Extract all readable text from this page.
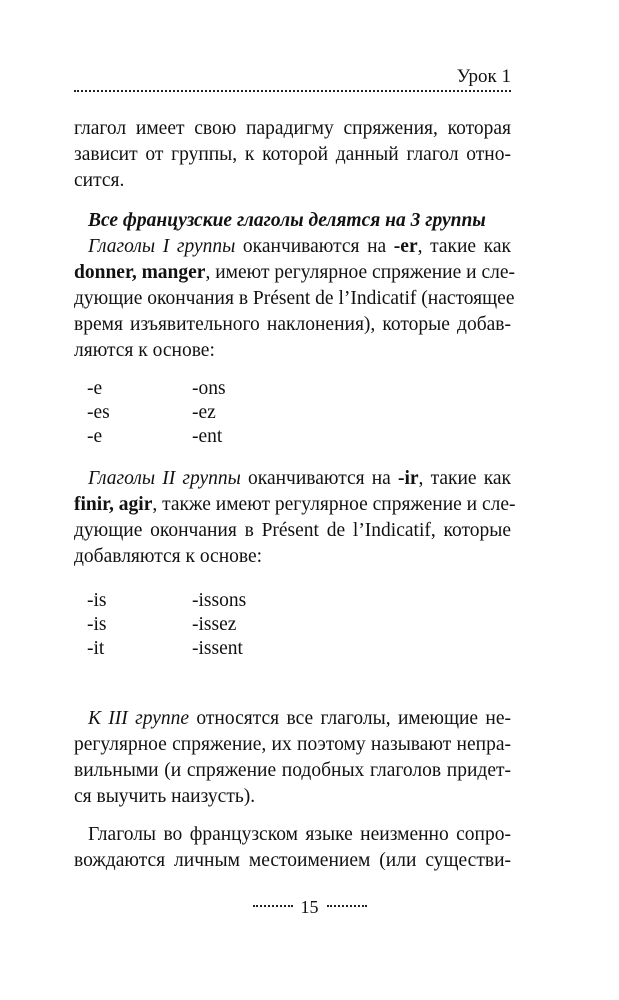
Урок 1
глагол имеет свою парадигму спряжения, которая
зависит от группы, к которой данный глагол отно-
сится.
Все французские глаголы делятся на 3 группы
Глаголы I группы оканчиваются на -er, такие как
donner, manger, имеют регулярное спряжение и сле-
дующие окончания в Présent de l’Indicatif (настоящее
время изъявительного наклонения), которые добав-
ляются к основе:
-e	-ons
-es	-ez
-e	-ent
Глаголы II группы оканчиваются на -ir, такие как
finir, agir, также имеют регулярное спряжение и сле-
дующие окончания в Présent de l’Indicatif, которые
добавляются к основе:
-is	-issons
-is	-issez
-it	-issent
К III группе относятся все глаголы, имеющие не-
регулярное спряжение, их поэтому называют непра-
вильными (и спряжение подобных глаголов придет-
ся выучить наизусть).
Глаголы во французском языке неизменно сопро-
вождаются личным местоимением (или существи-
15
